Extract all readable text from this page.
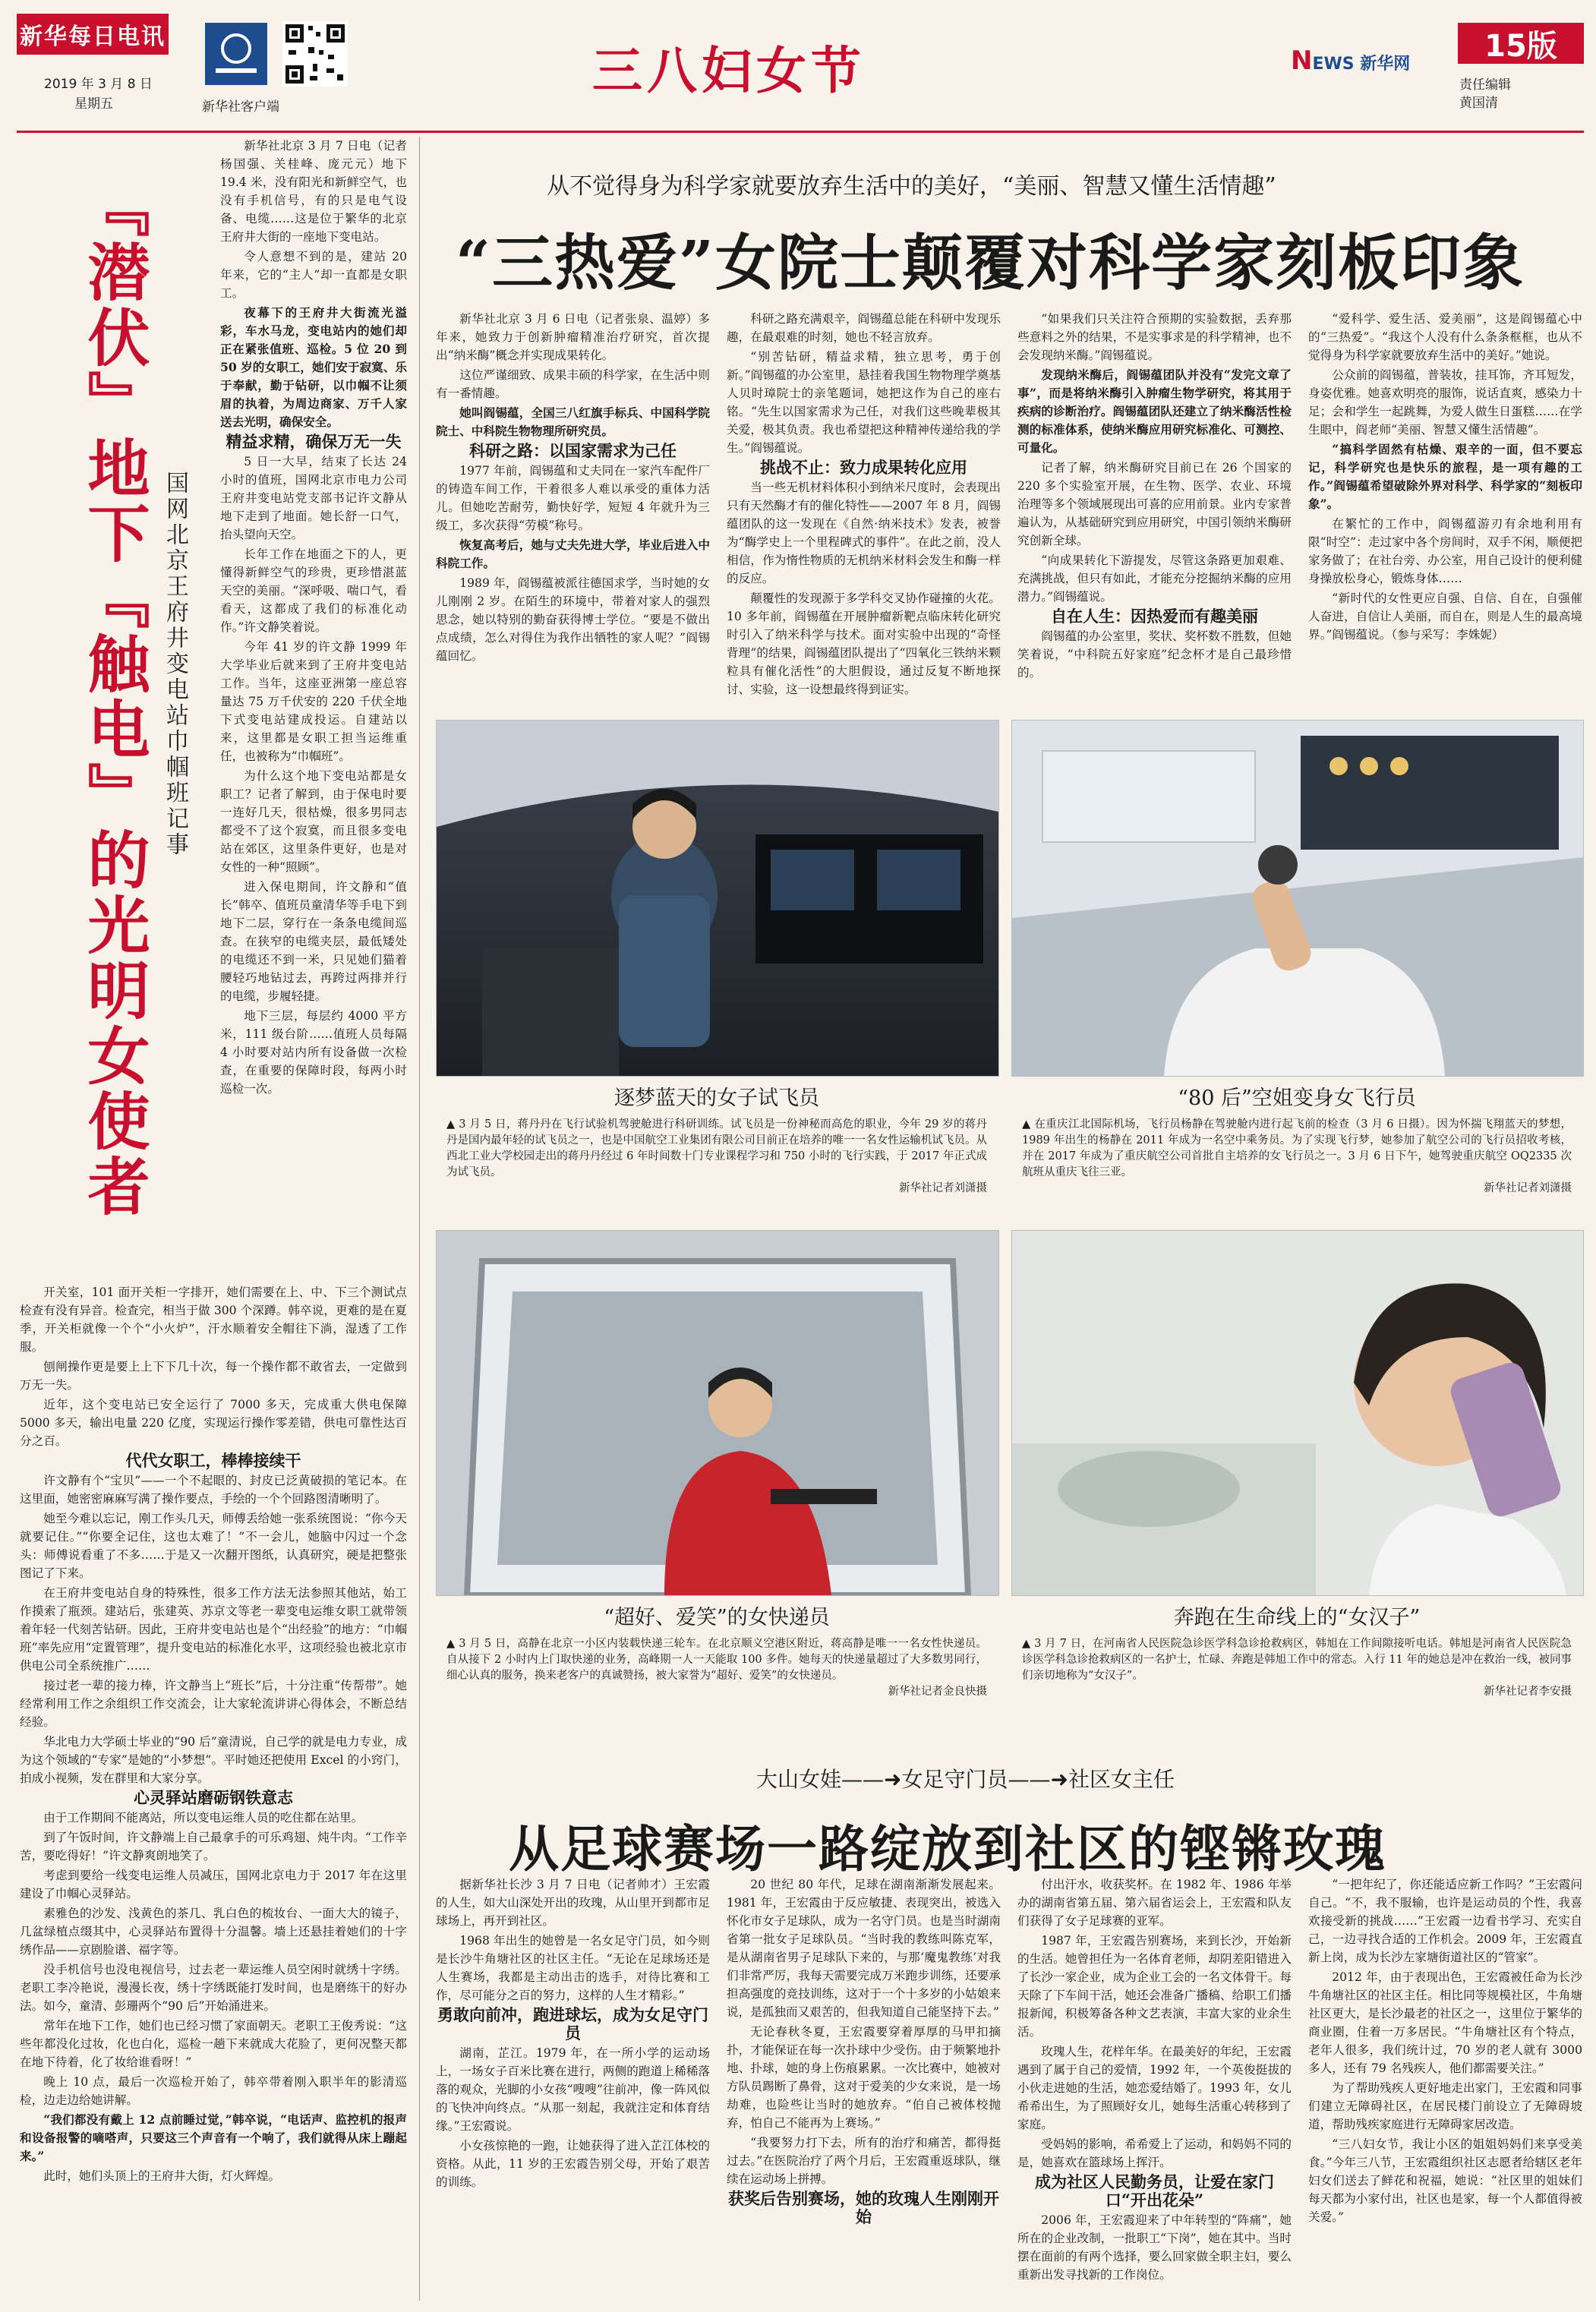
新华每日电讯
2019 年 3 月 8 日
星期五	新华社客户端
三八妇女节	NEWS 新华网
15版
责任编辑
黄国清
『潜伏』地下『触电』的光明女使者 国网北京王府井变电站巾帼班记事

新华社北京 3 月 7 日电（记者杨国强、关桂峰、庞元元）地下 19.4 米，没有阳光和新鲜空气，也没有手机信号，有的只是电气设备、电缆……这是位于繁华的北京王府井大街的一座地下变电站。

令人意想不到的是，建站 20 年来，它的“主人”却一直都是女职工。

夜幕下的王府井大街流光溢彩，车水马龙，变电站内的她们却正在紧张值班、巡检。5 位 20 到 50 岁的女职工，她们安于寂寞、乐于奉献，勤于钻研，以巾帼不让须眉的执着，为周边商家、万千人家送去光明，确保安全。

精益求精，确保万无一失

5 日一大早，结束了长达 24 小时的值班，国网北京市电力公司王府井变电站党支部书记许文静从地下走到了地面。她长舒一口气，抬头望向天空。

长年工作在地面之下的人，更懂得新鲜空气的珍贵，更珍惜湛蓝天空的美丽。“深呼吸、喘口气，看看天，这都成了我们的标准化动作。”许文静笑着说。

今年 41 岁的许文静 1999 年大学毕业后就来到了王府井变电站工作。当年，这座亚洲第一座总容量达 75 万千伏安的 220 千伏全地下式变电站建成投运。自建站以来，这里都是女职工担当运维重任，也被称为“巾帼班”。

为什么这个地下变电站都是女职工？记者了解到，由于保电时要一连好几天，很枯燥，很多男同志都受不了这个寂寞，而且很多变电站在郊区，这里条件更好，也是对女性的一种“照顾”。

进入保电期间，许文静和“值长”韩卒、值班员童清华等手电下到地下二层，穿行在一条条电缆间巡查。在狭窄的电缆夹层，最低矮处的电缆还不到一米，只见她们猫着腰轻巧地钻过去，再跨过两排并行的电缆，步履轻捷。

地下三层，每层约 4000 平方米，111 级台阶……值班人员每隔 4 小时要对站内所有设备做一次检查，在重要的保障时段，每两小时巡检一次。

开关室，101 面开关柜一字排开，她们需要在上、中、下三个测试点检查有没有异音。检查完，相当于做 300 个深蹲。韩卒说，更难的是在夏季，开关柜就像一个个“小火炉”，汗水顺着安全帽往下淌，湿透了工作服。

刨闸操作更是要上上下下几十次，每一个操作都不敢省去，一定做到万无一失。

近年，这个变电站已安全运行了 7000 多天，完成重大供电保障 5000 多天，输出电量 220 亿度，实现运行操作零差错，供电可靠性达百分之百。

代代女职工，棒棒接续干

许文静有个“宝贝”——一个不起眼的、封皮已泛黄破损的笔记本。在这里面，她密密麻麻写满了操作要点，手绘的一个个回路图清晰明了。

她至今难以忘记，刚工作头几天，师傅丢给她一张系统图说：“你今天就要记住。”“你要全记住，这也太难了！”不一会儿，她脑中闪过一个念头：师傅说看重了不多……于是又一次翻开图纸，认真研究，硬是把整张图记了下来。

在王府井变电站自身的特殊性，很多工作方法无法参照其他站，始工作摸索了瓶颈。建站后，张建英、苏京文等老一辈变电运维女职工就带领着年轻一代刻苦钻研。因此，王府井变电站也是个“出经验”的地方：“巾帼班”率先应用“定置管理”，提升变电站的标准化水平，这项经验也被北京市供电公司全系统推广……

接过老一辈的接力棒，许文静当上“班长”后，十分注重“传帮带”。她经常利用工作之余组织工作交流会，让大家轮流讲讲心得体会，不断总结经验。

华北电力大学硕士毕业的“90 后”童清说，自己学的就是电力专业，成为这个领域的“专家”是她的“小梦想”。平时她还把使用 Excel 的小窍门，拍成小视频，发在群里和大家分享。

心灵驿站磨砺钢铁意志

由于工作期间不能离站，所以变电运维人员的吃住都在站里。

到了午饭时间，许文静端上自己最拿手的可乐鸡翅、炖牛肉。“工作辛苦，要吃得好！”许文静爽朗地笑了。

考虑到要给一线变电运维人员减压，国网北京电力于 2017 年在这里建设了巾帼心灵驿站。

素雅色的沙发、浅黄色的茶几、乳白色的梳妆台、一面大大的镜子，几盆绿植点缀其中，心灵驿站布置得十分温馨。墙上还悬挂着她们的十字绣作品——京剧脸谱、福字等。

没手机信号也没电视信号，过去老一辈运维人员空闲时就绣十字绣。老职工李冷艳说，漫漫长夜，绣十字绣既能打发时间，也是磨练干的好办法。如今，童清、彭珊两个“90 后”开始涌进来。

常年在地下工作，她们也已经习惯了家面朝天。老职工王俊秀说：“这些年都没化过妆，化也白化，巡检一趟下来就成大花脸了，更何况整天都在地下待着，化了妆给谁看呀！”

晚上 10 点，最后一次巡检开始了，韩卒带着刚入职半年的影清巡检，边走边给她讲解。

“我们都没有戴上 12 点前睡过觉，”韩卒说，“电话声、监控机的报声和设备报警的嘀嗒声，只要这三个声音有一个响了，我们就得从床上蹦起来。”

此时，她们头顶上的王府井大街，灯火辉煌。

从不觉得身为科学家就要放弃生活中的美好，“美丽、智慧又懂生活情趣”
“三热爱”女院士颠覆对科学家刻板印象

新华社北京 3 月 6 日电（记者张泉、温婷）多年来，她致力于创新肿瘤精准治疗研究，首次提出“纳米酶”概念并实现成果转化。

这位严谨细致、成果丰硕的科学家，在生活中则有一番情趣。

她叫阎锡蕴，全国三八红旗手标兵、中国科学院院士、中科院生物物理所研究员。

科研之路：以国家需求为己任

1977 年前，阎锡蕴和丈夫同在一家汽车配件厂的铸造车间工作，干着很多人难以承受的重体力活儿。但她吃苦耐劳，勤快好学，短短 4 年就升为三级工，多次获得“劳模”称号。

恢复高考后，她与丈夫先进大学，毕业后进入中科院工作。

1989 年，阎锡蕴被派往德国求学，当时她的女儿刚刚 2 岁。在陌生的环境中，带着对家人的强烈思念，她以特别的勤奋获得博士学位。“要是不做出点成绩，怎么对得住为我作出牺牲的家人呢？”阎锡蕴回忆。

科研之路充满艰辛，阎锡蕴总能在科研中发现乐趣，在最艰难的时刻，她也不轻言放弃。

“别苦钻研，精益求精，独立思考，勇于创新。”阎锡蕴的办公室里，悬挂着我国生物物理学奠基人贝时璋院士的亲笔题词，她把这作为自己的座右铭。“先生以国家需求为己任，对我们这些晚辈极其关爱，极其负责。我也希望把这种精神传递给我的学生。”阎锡蕴说。

挑战不止：致力成果转化应用

当一些无机材料体积小到纳米尺度时，会表现出只有天然酶才有的催化特性——2007 年 8 月，阎锡蕴团队的这一发现在《自然·纳米技术》发表，被誉为“酶学史上一个里程碑式的事件”。在此之前，没人相信，作为惰性物质的无机纳米材料会发生和酶一样的反应。

颠覆性的发现源于多学科交叉协作碰撞的火花。10 多年前，阎锡蕴在开展肿瘤新靶点临床转化研究时引入了纳米科学与技术。面对实验中出现的“奇怪背理”的结果，阎锡蕴团队提出了“四氧化三铁纳米颗粒具有催化活性”的大胆假设，通过反复不断地探讨、实验，这一设想最终得到证实。

“如果我们只关注符合预期的实验数据，丢弃那些意料之外的结果，不是实事求是的科学精神，也不会发现纳米酶。”阎锡蕴说。

发现纳米酶后，阎锡蕴团队并没有“发完文章了事”，而是将纳米酶引入肿瘤生物学研究，将其用于疾病的诊断治疗。阎锡蕴团队还建立了纳米酶活性检测的标准体系，使纳米酶应用研究标准化、可测控、可量化。

记者了解，纳米酶研究目前已在 26 个国家的 220 多个实验室开展，在生物、医学、农业、环境治理等多个领域展现出可喜的应用前景。业内专家普遍认为，从基础研究到应用研究，中国引领纳米酶研究创新全球。

“向成果转化下游提发，尽管这条路更加艰难、充满挑战，但只有如此，才能充分挖掘纳米酶的应用潜力。”阎锡蕴说。

自在人生：因热爱而有趣美丽

阎锡蕴的办公室里，奖状、奖杯数不胜数，但她笑着说，“中科院五好家庭”纪念杯才是自己最珍惜的。

“爱科学、爱生活、爱美丽”，这是阎锡蕴心中的“三热爱”。“我这个人没有什么条条框框，也从不觉得身为科学家就要放弃生活中的美好。”她说。

公众前的阎锡蕴，普装妆，挂耳饰，齐耳短发，身姿优雅。她喜欢明亮的服饰，说话直爽，感染力十足；会和学生一起跳舞，为爱人做生日蛋糕……在学生眼中，阎老师“美丽、智慧又懂生活情趣”。

“搞科学固然有枯燥、艰辛的一面，但不要忘记，科学研究也是快乐的旅程，是一项有趣的工作。”阎锡蕴希望破除外界对科学、科学家的“刻板印象”。

在繁忙的工作中，阎锡蕴游刃有余地利用有限“时空”：走过家中各个房间时，双手不闲，顺便把家务做了；在社台旁、办公室，用自己设计的便利健身操放松身心，锻炼身体……

“新时代的女性更应自强、自信、自在，自强催人奋进，自信让人美丽，而自在，则是人生的最高境界。”阎锡蕴说。（参与采写：李姝妮）

逐梦蓝天的女子试飞员
▲ 3 月 5 日，蒋丹丹在飞行试验机驾驶舱进行科研训练。试飞员是一份神秘而高危的职业，今年 29 岁的蒋丹丹是国内最年轻的试飞员之一，也是中国航空工业集团有限公司目前正在培养的唯一一名女性运输机试飞员。从西北工业大学校园走出的蒋丹丹经过 6 年时间数十门专业课程学习和 750 小时的飞行实践，于 2017 年正式成为试飞员。
新华社记者刘潇摄
“80 后”空姐变身女飞行员
▲ 在重庆江北国际机场，飞行员杨静在驾驶舱内进行起飞前的检查（3 月 6 日摄）。因为怀揣飞翔蓝天的梦想，1989 年出生的杨静在 2011 年成为一名空中乘务员。为了实现飞行梦，她参加了航空公司的飞行员招收考核，并在 2017 年成为了重庆航空公司首批自主培养的女飞行员之一。3 月 6 日下午，她驾驶重庆航空 OQ2335 次航班从重庆飞往三亚。
新华社记者刘潇摄
“超好、爱笑”的女快递员
▲ 3 月 5 日，高静在北京一小区内装载快递三轮车。在北京顺义空港区附近，蒋高静是唯一一名女性快递员。自从接下 2 小时内上门取快递的业务，高峰期一人一天能取 100 多件。她每天的快递量超过了大多数男同行，细心认真的服务，换来老客户的真诚赞扬，被大家誉为“超好、爱笑”的女快递员。
新华社记者金良快摄
奔跑在生命线上的“女汉子”
▲ 3 月 7 日，在河南省人民医院急诊医学科急诊抢救病区，韩旭在工作间隙接听电话。韩旭是河南省人民医院急诊医学科急诊抢救病区的一名护士，忙碌、奔跑是韩旭工作中的常态。入行 11 年的她总是冲在救治一线，被同事们亲切地称为“女汉子”。
新华社记者李安摄
大山女娃——➜女足守门员——➜社区女主任
从足球赛场一路绽放到社区的铿锵玫瑰

据新华社长沙 3 月 7 日电（记者帅才）王宏霞的人生，如大山深处开出的玫瑰，从山里开到都市足球场上，再开到社区。

1968 年出生的她曾是一名女足守门员，如今则是长沙牛角塘社区的社区主任。“无论在足球场还是人生赛场，我都是主动出击的选手，对待比赛和工作，尽可能分之百的努力，这样的人生才精彩。”

勇敢向前冲，跑进球坛，成为女足守门员

湖南，芷江。1979 年，在一所小学的运动场上，一场女子百米比赛在进行，两侧的跑道上稀稀落落的观众，光脚的小女孩“嗖嗖”往前冲，像一阵风似的飞快冲向终点。“从那一刻起，我就注定和体育结缘。”王宏霞说。

小女孩惊艳的一跑，让她获得了进入芷江体校的资格。从此，11 岁的王宏霞告别父母，开始了艰苦的训练。

20 世纪 80 年代，足球在湖南渐渐发展起来。1981 年，王宏霞由于反应敏捷、表现突出，被选入怀化市女子足球队，成为一名守门员。也是当时湖南省第一批女子足球队员。“当时我的教练叫陈克军，是从湖南省男子足球队下来的，与那‘魔鬼教练’对我们非常严厉，我每天需要完成万米跑步训练，还要承担高强度的竞技训练，这对于一个十多岁的小姑娘来说，是孤独而又艰苦的，但我知道自己能坚持下去。”

无论春秋冬夏，王宏霞要穿着厚厚的马甲扣摘扑，才能保证在每一次扑球中少受伤。由于频繁地扑地、扑球，她的身上伤痕累累。一次比赛中，她被对方队员踢断了鼻骨，这对于爱美的少女来说，是一场劫难，也险些让当时的她放弃。“伯自己被体校抛弃，怕自己不能再为上赛场。”

“我要努力打下去，所有的治疗和痛苦，都得挺过去。”在医院治疗了两个月后，王宏霞重返球队，继续在运动场上拼搏。

获奖后告别赛场，她的玫瑰人生刚刚开始

付出汗水，收获奖杯。在 1982 年、1986 年举办的湖南省第五届、第六届省运会上，王宏霞和队友们获得了女子足球赛的亚军。

1987 年，王宏霞告别赛场，来到长沙，开始新的生活。她曾担任为一名体育老师，却阴差阳错进入了长沙一家企业，成为企业工会的一名文体骨干。每天除了下车间干活，她还会准备广播稿、给职工们播报新闻，积极筹备各种文艺表演，丰富大家的业余生活。

玫瑰人生，花样年华。在最美好的年纪，王宏霞遇到了属于自己的爱情，1992 年，一个英俊挺拔的小伙走进她的生活，她恋爱结婚了。1993 年，女儿希希出生，为了照顾好女儿，她每生活重心转移到了家庭。

受妈妈的影响，希希爱上了运动，和妈妈不同的是，她喜欢在篮球场上挥汗。

成为社区人民勤务员，让爱在家门口“开出花朵”

2006 年，王宏霞迎来了中年转型的“阵痛”，她所在的企业改制，一批职工“下岗”，她在其中。当时摆在面前的有两个选择，要么回家做全职主妇，要么重新出发寻找新的工作岗位。

“一把年纪了，你还能适应新工作吗？”王宏霞问自己。“不，我不服输，也许是运动员的个性，我喜欢接受新的挑战……”王宏霞一边看书学习、充实自己，一边寻找合适的工作机会。2009 年，王宏霞直新上岗，成为长沙左家塘街道社区的“管家”。

2012 年，由于表现出色，王宏霞被任命为长沙牛角塘社区的社区主任。相比同等规模社区，牛角塘社区更大，是长沙最老的社区之一，这里位于繁华的商业圈，住着一万多居民。“牛角塘社区有个特点，老年人很多，我们统计过，70 岁的老人就有 3000 多人，还有 79 名残疾人，他们都需要关注。”

为了帮助残疾人更好地走出家门，王宏霞和同事们建立无障碍社区，在居民楼门前设立了无障碍坡道，帮助残疾家庭进行无障碍家居改造。

“三八妇女节，我让小区的姐姐妈妈们来享受美食。”今年三八节，王宏霞组织社区志愿者给辖区老年妇女们送去了鲜花和祝福，她说：“社区里的姐妹们每天都为小家付出，社区也是家，每一个人都值得被关爱。”
